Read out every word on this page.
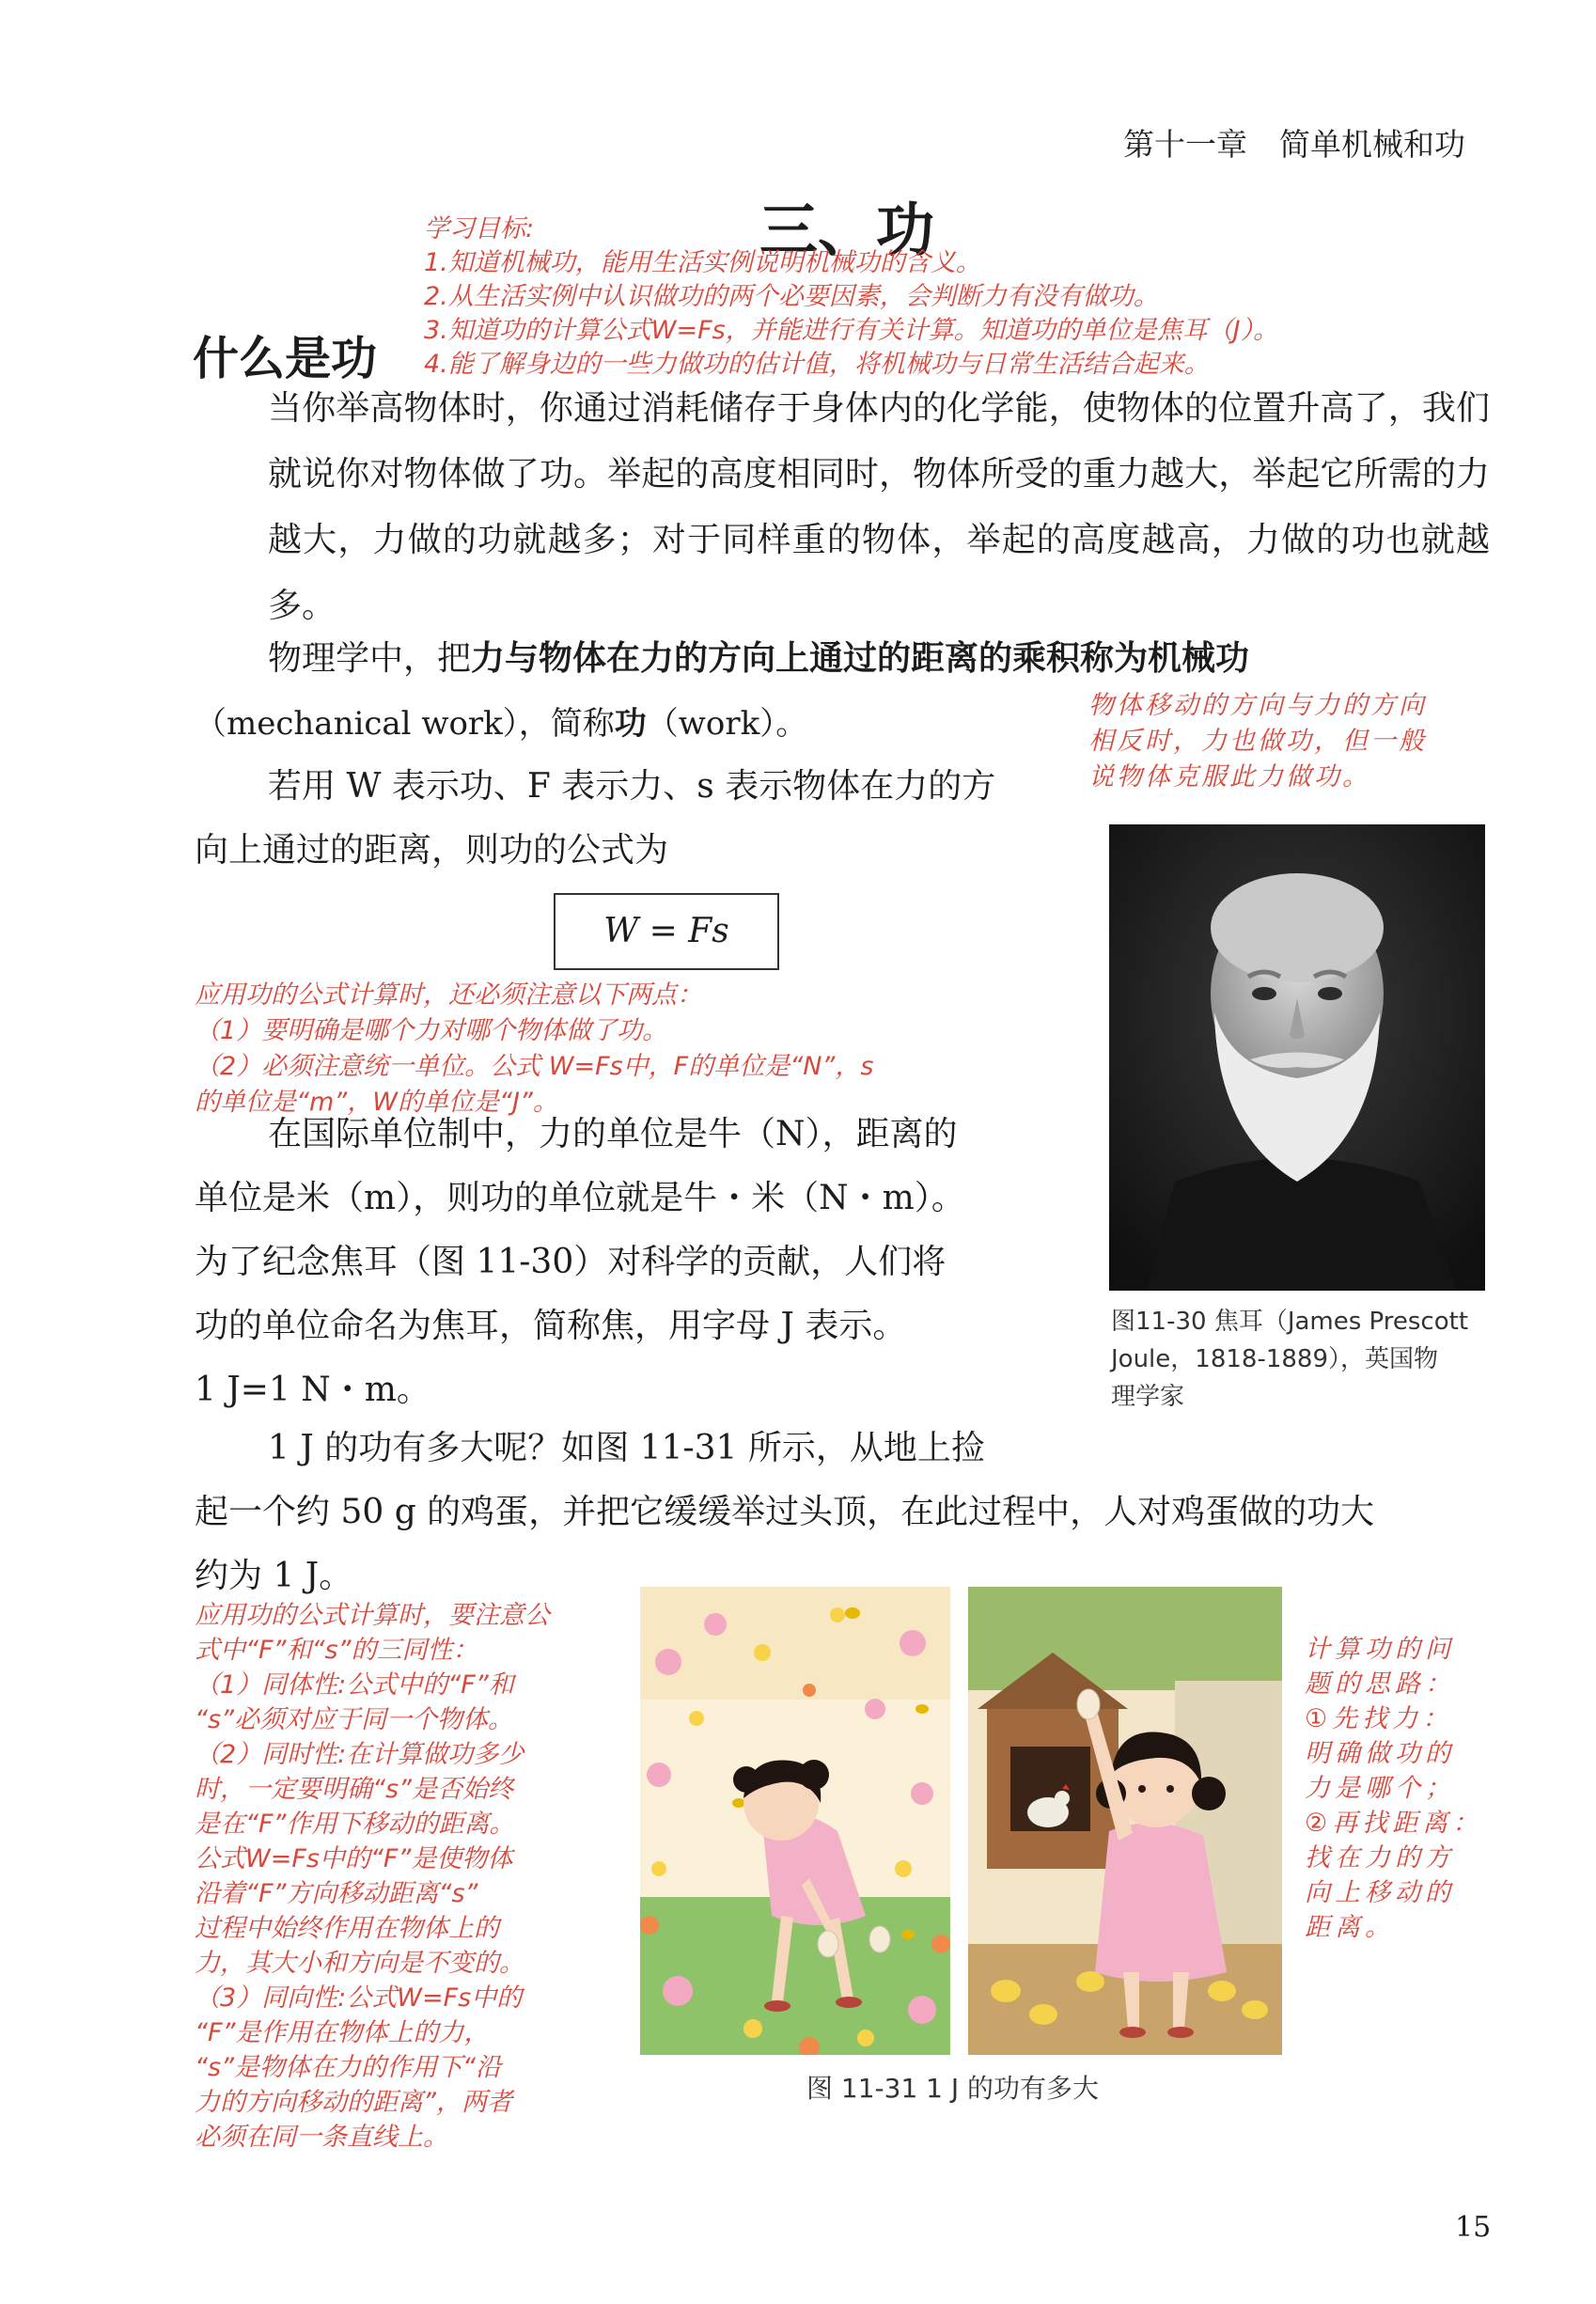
第十一章 简单机械和功
三、功
学习目标:
1.知道机械功，能用生活实例说明机械功的含义。
2.从生活实例中认识做功的两个必要因素，会判断力有没有做功。
3.知道功的计算公式W=Fs，并能进行有关计算。知道功的单位是焦耳（J）。
4.能了解身边的一些力做功的估计值，将机械功与日常生活结合起来。
什么是功
当你举高物体时，你通过消耗储存于身体内的化学能，使物体的位置升高了，我们就说你对物体做了功。举起的高度相同时，物体所受的重力越大，举起它所需的力越大，力做的功就越多；对于同样重的物体，举起的高度越高，力做的功也就越多。
物理学中，把力与物体在力的方向上通过的距离的乘积称为机械功
（mechanical work），简称功（work）。	物体移动的方向与力的方向
相反时，力也做功，但一般
说物体克服此力做功。
若用 W 表示功、F 表示力、s 表示物体在力的方
向上通过的距离，则功的公式为
W = Fs
应用功的公式计算时，还必须注意以下两点：
（1）要明确是哪个力对哪个物体做了功。
（2）必须注意统一单位。公式 W=Fs中，F的单位是“N”，s
的单位是“m”，W的单位是“J”。
在国际单位制中，力的单位是牛（N），距离的
单位是米（m），则功的单位就是牛・米（N・m）。
为了纪念焦耳（图 11-30）对科学的贡献，人们将
功的单位命名为焦耳，简称焦，用字母 J 表示。
1 J=1 N・m。
图11-30 焦耳（James Prescott
Joule，1818-1889），英国物
理学家
1 J 的功有多大呢？如图 11-31 所示，从地上捡
起一个约 50 g 的鸡蛋，并把它缓缓举过头顶，在此过程中，人对鸡蛋做的功大
约为 1 J。
应用功的公式计算时，要注意公
式中“F”和“s”的三同性：
（1）同体性:公式中的“F”和
“s”必须对应于同一个物体。
（2）同时性:在计算做功多少
时，一定要明确“s”是否始终
是在“F”作用下移动的距离。
公式W=Fs中的“F”是使物体
沿着“F”方向移动距离“s”
过程中始终作用在物体上的
力，其大小和方向是不变的。
（3）同向性:公式W=Fs中的
“F”是作用在物体上的力，
“s”是物体在力的作用下“沿
力的方向移动的距离”，两者
必须在同一条直线上。
计算功的问
题的思路：
①先找力：
明确做功的
力是哪个；
②再找距离：
找在力的方
向上移动的
距离。
图 11-31 1 J 的功有多大
15
